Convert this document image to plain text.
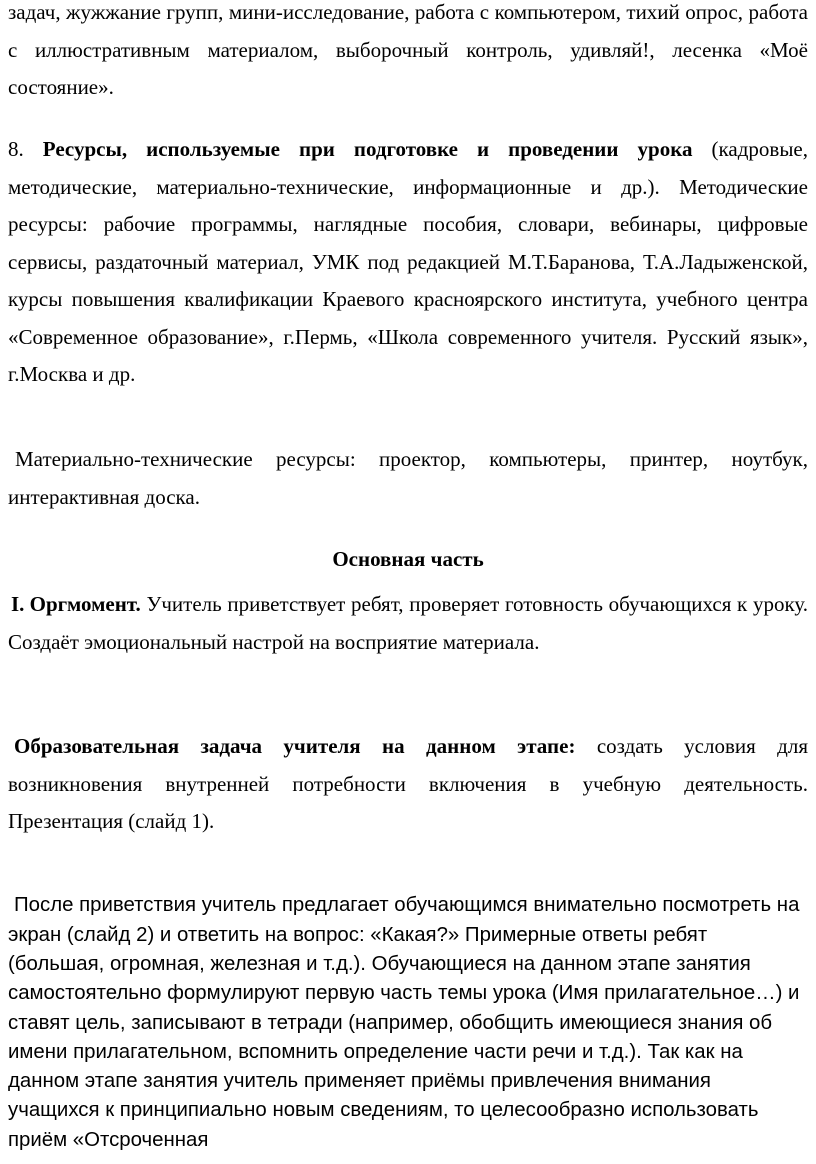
задач, жужжание групп, мини-исследование, работа с компьютером, тихий опрос, работа с иллюстративным материалом, выборочный контроль, удивляй!, лесенка «Моё состояние».

8. Ресурсы, используемые при подготовке и проведении урока (кадровые, методические, материально-технические, информационные и др.). Методические ресурсы: рабочие программы, наглядные пособия, словари, вебинары, цифровые сервисы, раздаточный материал, УМК под редакцией М.Т.Баранова, Т.А.Ладыженской, курсы повышения квалификации Краевого красноярского института, учебного центра «Современное образование», г.Пермь, «Школа современного учителя. Русский язык», г.Москва и др.

Материально-технические ресурсы: проектор, компьютеры, принтер, ноутбук, интерактивная доска.

Основная часть

I. Оргмомент. Учитель приветствует ребят, проверяет готовность обучающихся к уроку. Создаёт эмоциональный настрой на восприятие материала.

Образовательная задача учителя на данном этапе: создать условия для возникновения внутренней потребности включения в учебную деятельность. Презентация (слайд 1).

После приветствия учитель предлагает обучающимся внимательно посмотреть на экран (слайд 2) и ответить на вопрос: «Какая?» Примерные ответы ребят (большая, огромная, железная и т.д.). Обучающиеся на данном этапе занятия самостоятельно формулируют первую часть темы урока (Имя прилагательное…) и ставят цель, записывают в тетради (например, обобщить имеющиеся знания об имени прилагательном, вспомнить определение части речи и т.д.). Так как на данном этапе занятия учитель применяет приёмы привлечения внимания учащихся к принципиально новым сведениям, то целесообразно использовать приём «Отсроченная
